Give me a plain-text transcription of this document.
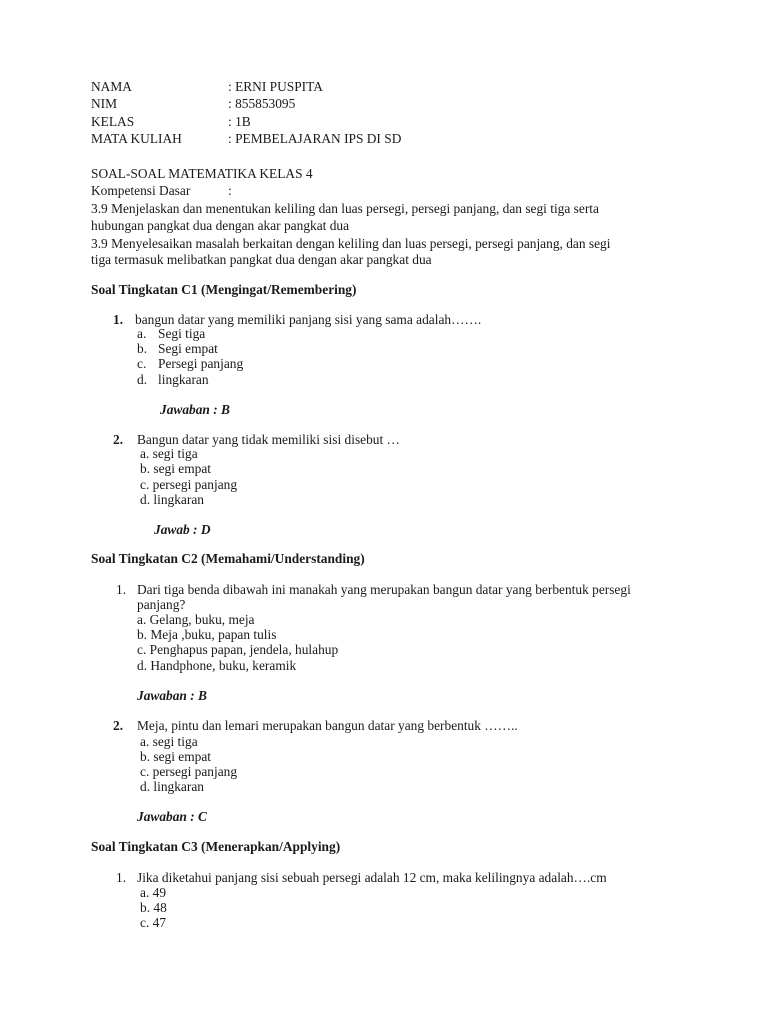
NAMA	: ERNI PUSPITA
NIM	: 855853095
KELAS	: 1B
MATA KULIAH	: PEMBELAJARAN IPS DI SD
SOAL-SOAL MATEMATIKA KELAS 4
Kompetensi Dasar	:
3.9 Menjelaskan dan menentukan keliling dan luas persegi, persegi panjang, dan segi tiga serta
hubungan pangkat dua dengan akar pangkat dua
3.9 Menyelesaikan masalah berkaitan dengan keliling dan luas persegi, persegi panjang, dan segi
tiga termasuk melibatkan pangkat dua dengan akar pangkat dua
Soal Tingkatan C1 (Mengingat/Remembering)
1. bangun datar yang memiliki panjang sisi yang sama adalah…….
a. Segi tiga
b. Segi empat
c. Persegi panjang
d. lingkaran
Jawaban : B
2. Bangun datar yang tidak memiliki sisi disebut …
a. segi tiga
b. segi empat
c. persegi panjang
d. lingkaran
Jawab : D
Soal Tingkatan C2 (Memahami/Understanding)
1. Dari tiga benda dibawah ini manakah yang merupakan bangun datar yang berbentuk persegi
panjang?
a. Gelang, buku, meja
b. Meja ,buku, papan tulis
c. Penghapus papan, jendela, hulahup
d. Handphone, buku, keramik
Jawaban : B
2. Meja, pintu dan lemari merupakan bangun datar yang berbentuk ……..
a. segi tiga
b. segi empat
c. persegi panjang
d. lingkaran
Jawaban : C
Soal Tingkatan C3 (Menerapkan/Applying)
1. Jika diketahui panjang sisi sebuah persegi adalah 12 cm, maka kelilingnya adalah….cm
a. 49
b. 48
c. 47
